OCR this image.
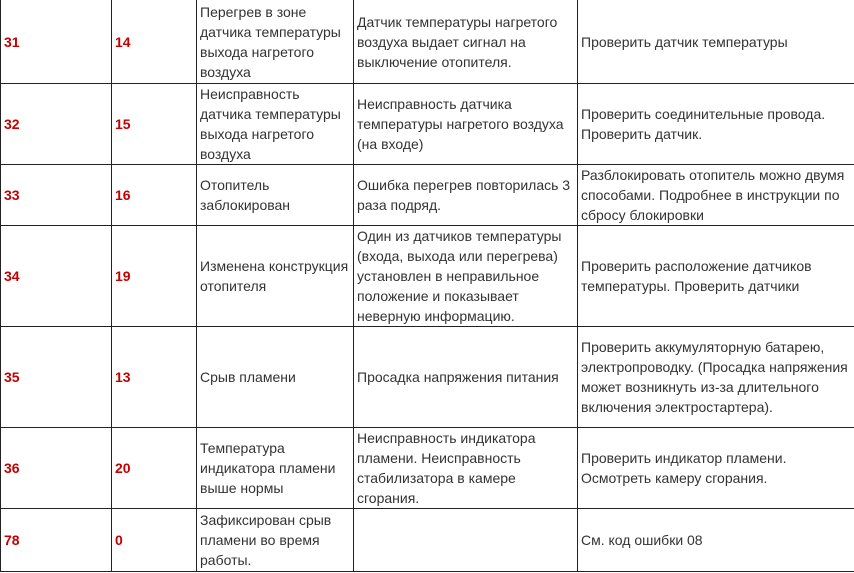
31	14	Перегрев в зоне датчика температуры выхода нагретого воздуха	Датчик температуры нагретого воздуха выдает сигнал на выключение отопителя.	Проверить датчик температуры
32	15	Неисправность датчика температуры выхода нагретого воздуха	Неисправность датчика температуры нагретого воздуха (на входе)	Проверить соединительные провода. Проверить датчик.
33	16	Отопитель заблокирован	Ошибка перегрев повторилась 3 раза подряд.	Разблокировать отопитель можно двумя способами. Подробнее в инструкции по сбросу блокировки
34	19	Изменена конструкция отопителя	Один из датчиков температуры (входа, выхода или перегрева) установлен в неправильное положение и показывает неверную информацию.	Проверить расположение датчиков температуры. Проверить датчики
35	13	Срыв пламени	Просадка напряжения питания	Проверить аккумуляторную батарею, электропроводку. (Просадка напряжения может возникнуть из-за длительного включения электростартера).
36	20	Температура индикатора пламени выше нормы	Неисправность индикатора пламени. Неисправность стабилизатора в камере сгорания.	Проверить индикатор пламени. Осмотреть камеру сгорания.
78	0	Зафиксирован срыв пламени во время работы.		См. код ошибки 08
